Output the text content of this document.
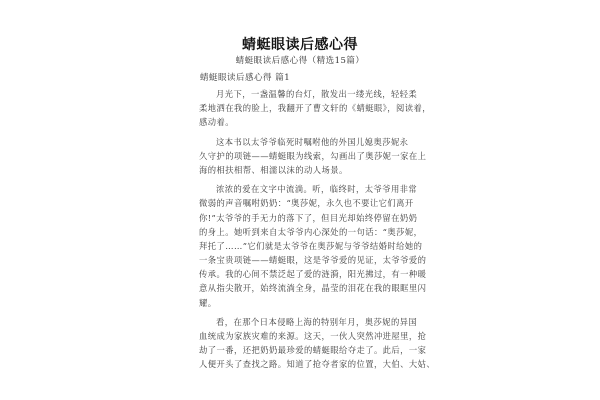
蜻蜓眼读后感心得
蜻蜓眼读后感心得（精选15篇）
蜻蜓眼读后感心得 篇1
月光下，一盏温馨的台灯，散发出一缕光线，轻轻柔
柔地洒在我的脸上，我翻开了曹文轩的《蜻蜓眼》，阅读着，
感动着。
这本书以太爷爷临死时嘱咐他的外国儿媳奥莎妮永
久守护的项链——蜻蜓眼为线索，勾画出了奥莎妮一家在上
海的相扶相帮、相濡以沫的动人场景。
浓浓的爱在文字中流淌。听，临终时，太爷爷用非常
微弱的声音嘱咐奶奶：“奥莎妮，永久也不要让它们离开
你!”太爷爷的手无力的落下了，但目光却始终停留在奶奶
的身上。她听到来自太爷爷内心深处的一句话：“奥莎妮，
拜托了……”它们就是太爷爷在奥莎妮与爷爷结婚时给她的
一条宝贵项链——蜻蜓眼，这是爷爷爱的见证，太爷爷爱的
传承。我的心间不禁泛起了爱的涟漪，阳光拂过，有一种暖
意从指尖散开，始终流淌全身，晶莹的泪花在我的眼眶里闪
耀。
看，在那个日本侵略上海的特别年月，奥莎妮的异国
血统成为家族灾难的来源。这天，一伙人突然冲进屋里，抢
劫了一番，还把奶奶最珍爱的蜻蜓眼给夺走了。此后，一家
人便开头了查找之路。知道了抢夺者家的位置，大伯、大姑、
